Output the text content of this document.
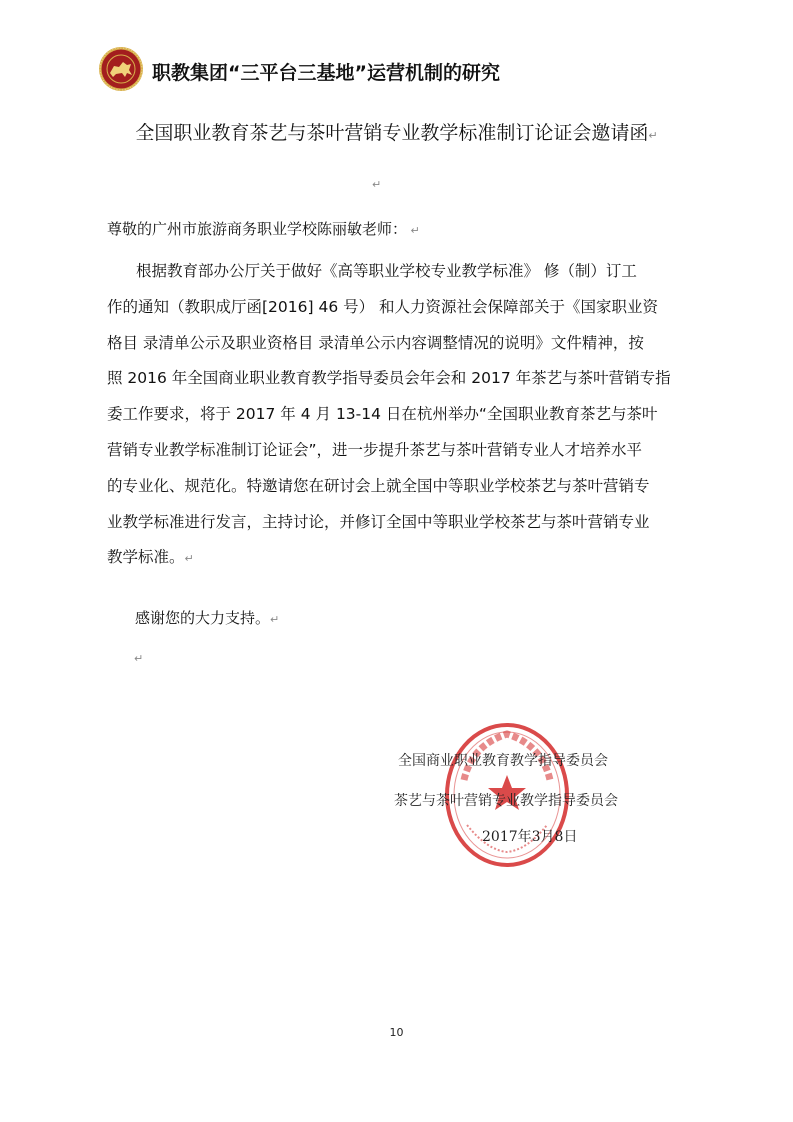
职教集团“三平台三基地”运营机制的研究
全国职业教育茶艺与茶叶营销专业教学标准制订论证会邀请函↵
↵
尊敬的广州市旅游商务职业学校陈丽敏老师： ↵
根据教育部办公厅关于做好《高等职业学校专业教学标准》 修（制）订工
作的通知（教职成厅函[2016] 46 号） 和人力资源社会保障部关于《国家职业资
格目 录清单公示及职业资格目 录清单公示内容调整情况的说明》文件精神，按
照 2016 年全国商业职业教育教学指导委员会年会和 2017 年茶艺与茶叶营销专指
委工作要求，将于 2017 年 4 月 13-14 日在杭州举办“全国职业教育茶艺与茶叶
营销专业教学标准制订论证会”，进一步提升茶艺与茶叶营销专业人才培养水平
的专业化、规范化。特邀请您在研讨会上就全国中等职业学校茶艺与茶叶营销专
业教学标准进行发言，主持讨论，并修订全国中等职业学校茶艺与茶叶营销专业
教学标准。↵
感谢您的大力支持。↵
↵
全国商业职业教育教学指导委员会
茶艺与茶叶营销专业教学指导委员会
2017年3月8日
10
